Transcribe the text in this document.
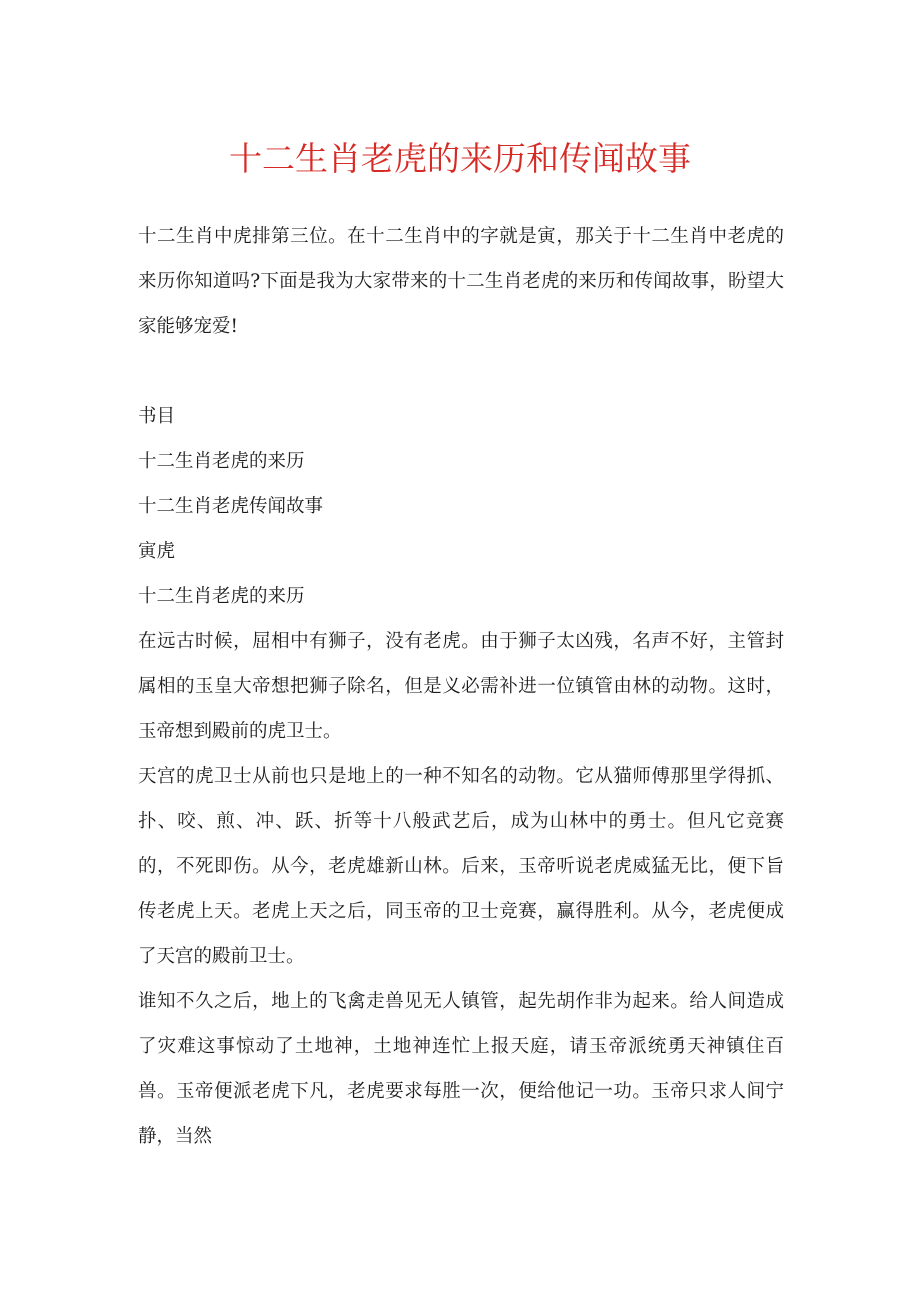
十二生肖老虎的来历和传闻故事

十二生肖中虎排第三位。在十二生肖中的字就是寅，那关于十二生肖中老虎的来历你知道吗?下面是我为大家带来的十二生肖老虎的来历和传闻故事，盼望大家能够宠爱!

书目

十二生肖老虎的来历

十二生肖老虎传闻故事

寅虎

十二生肖老虎的来历

在远古时候，屈相中有狮子，没有老虎。由于狮子太凶残，名声不好，主管封属相的玉皇大帝想把狮子除名，但是义必需补进一位镇管由林的动物。这时，玉帝想到殿前的虎卫士。

天宫的虎卫士从前也只是地上的一种不知名的动物。它从猫师傅那里学得抓、扑、咬、煎、冲、跃、折等十八般武艺后，成为山林中的勇士。但凡它竞赛的，不死即伤。从今，老虎雄新山林。后来，玉帝听说老虎威猛无比，便下旨传老虎上天。老虎上天之后，同玉帝的卫士竞赛，赢得胜利。从今，老虎便成了天宫的殿前卫士。

谁知不久之后，地上的飞禽走兽见无人镇管，起先胡作非为起来。给人间造成了灾难这事惊动了土地神，土地神连忙上报天庭，请玉帝派统勇天神镇住百兽。玉帝便派老虎下凡，老虎要求每胜一次，便给他记一功。玉帝只求人间宁静，当然
